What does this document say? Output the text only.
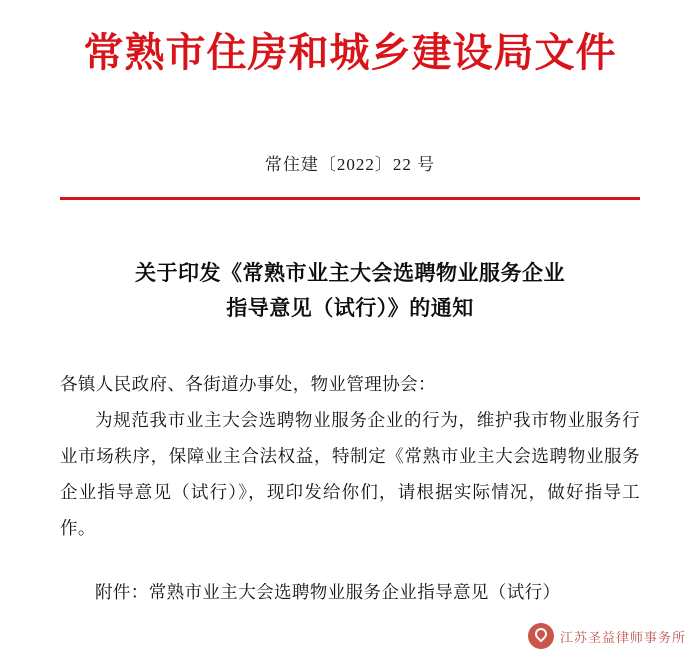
常熟市住房和城乡建设局文件
常住建〔2022〕22 号
关于印发《常熟市业主大会选聘物业服务企业
指导意见（试行）》的通知

各镇人民政府、各街道办事处，物业管理协会：

为规范我市业主大会选聘物业服务企业的行为，维护我市物业服务行业市场秩序，保障业主合法权益，特制定《常熟市业主大会选聘物业服务企业指导意见（试行）》，现印发给你们，请根据实际情况，做好指导工作。

附件：常熟市业主大会选聘物业服务企业指导意见（试行）
江苏圣益律师事务所
